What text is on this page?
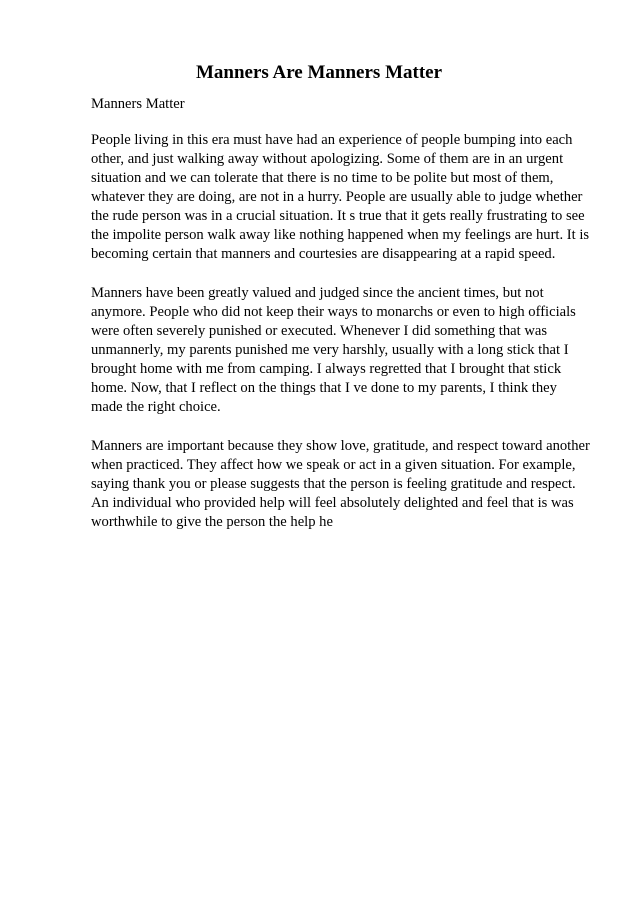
Manners Are Manners Matter

Manners Matter

People living in this era must have had an experience of people bumping into each other, and just walking away without apologizing. Some of them are in an urgent situation and we can tolerate that there is no time to be polite but most of them, whatever they are doing, are not in a hurry. People are usually able to judge whether the rude person was in a crucial situation. It s true that it gets really frustrating to see the impolite person walk away like nothing happened when my feelings are hurt. It is becoming certain that manners and courtesies are disappearing at a rapid speed.

Manners have been greatly valued and judged since the ancient times, but not anymore. People who did not keep their ways to monarchs or even to high officials were often severely punished or executed. Whenever I did something that was unmannerly, my parents punished me very harshly, usually with a long stick that I brought home with me from camping. I always regretted that I brought that stick home. Now, that I reflect on the things that I ve done to my parents, I think they made the right choice.

Manners are important because they show love, gratitude, and respect toward another when practiced. They affect how we speak or act in a given situation. For example, saying thank you or please suggests that the person is feeling gratitude and respect. An individual who provided help will feel absolutely delighted and feel that is was worthwhile to give the person the help he
